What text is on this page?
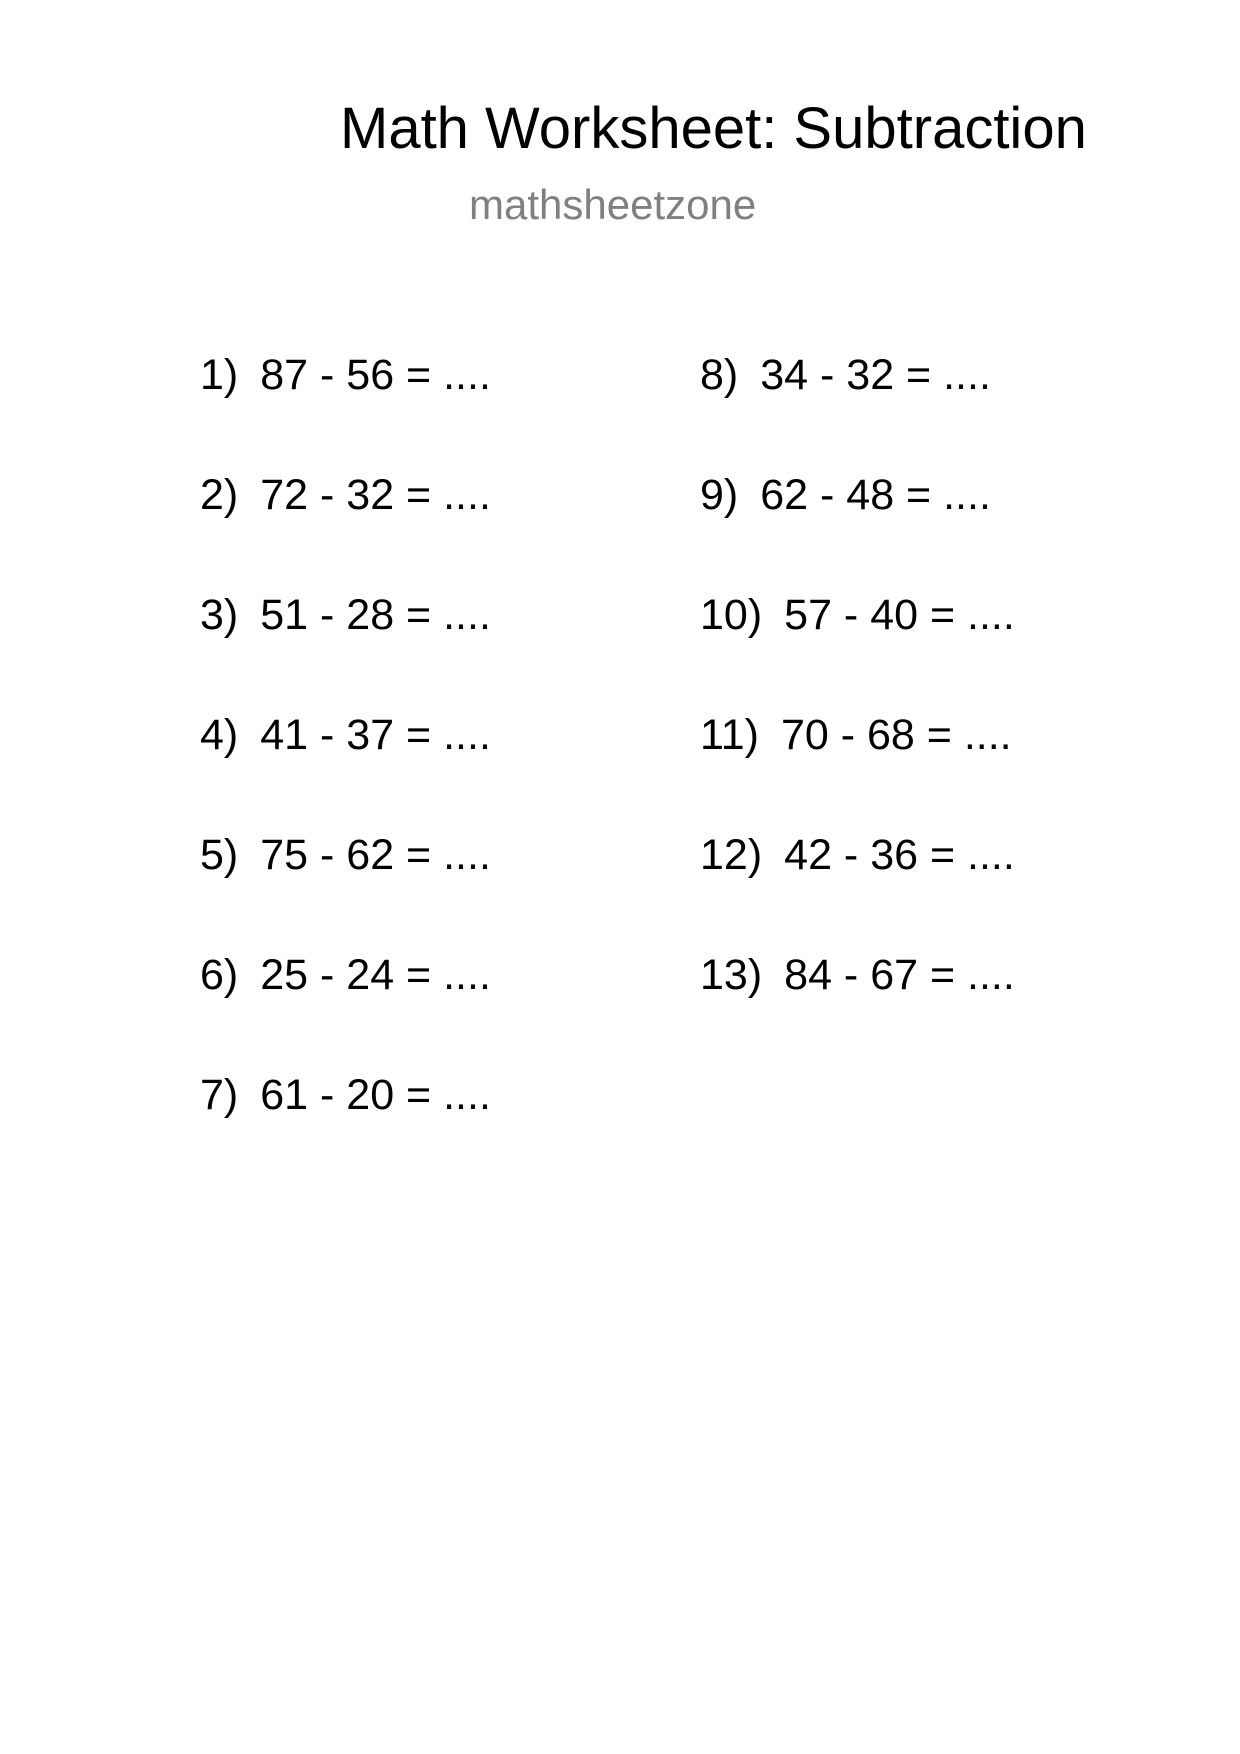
Math Worksheet: Subtraction
mathsheetzone
1) 87 - 56 = ....
2) 72 - 32 = ....
3) 51 - 28 = ....
4) 41 - 37 = ....
5) 75 - 62 = ....
6) 25 - 24 = ....
7) 61 - 20 = ....
8) 34 - 32 = ....
9) 62 - 48 = ....
10) 57 - 40 = ....
11) 70 - 68 = ....
12) 42 - 36 = ....
13) 84 - 67 = ....
